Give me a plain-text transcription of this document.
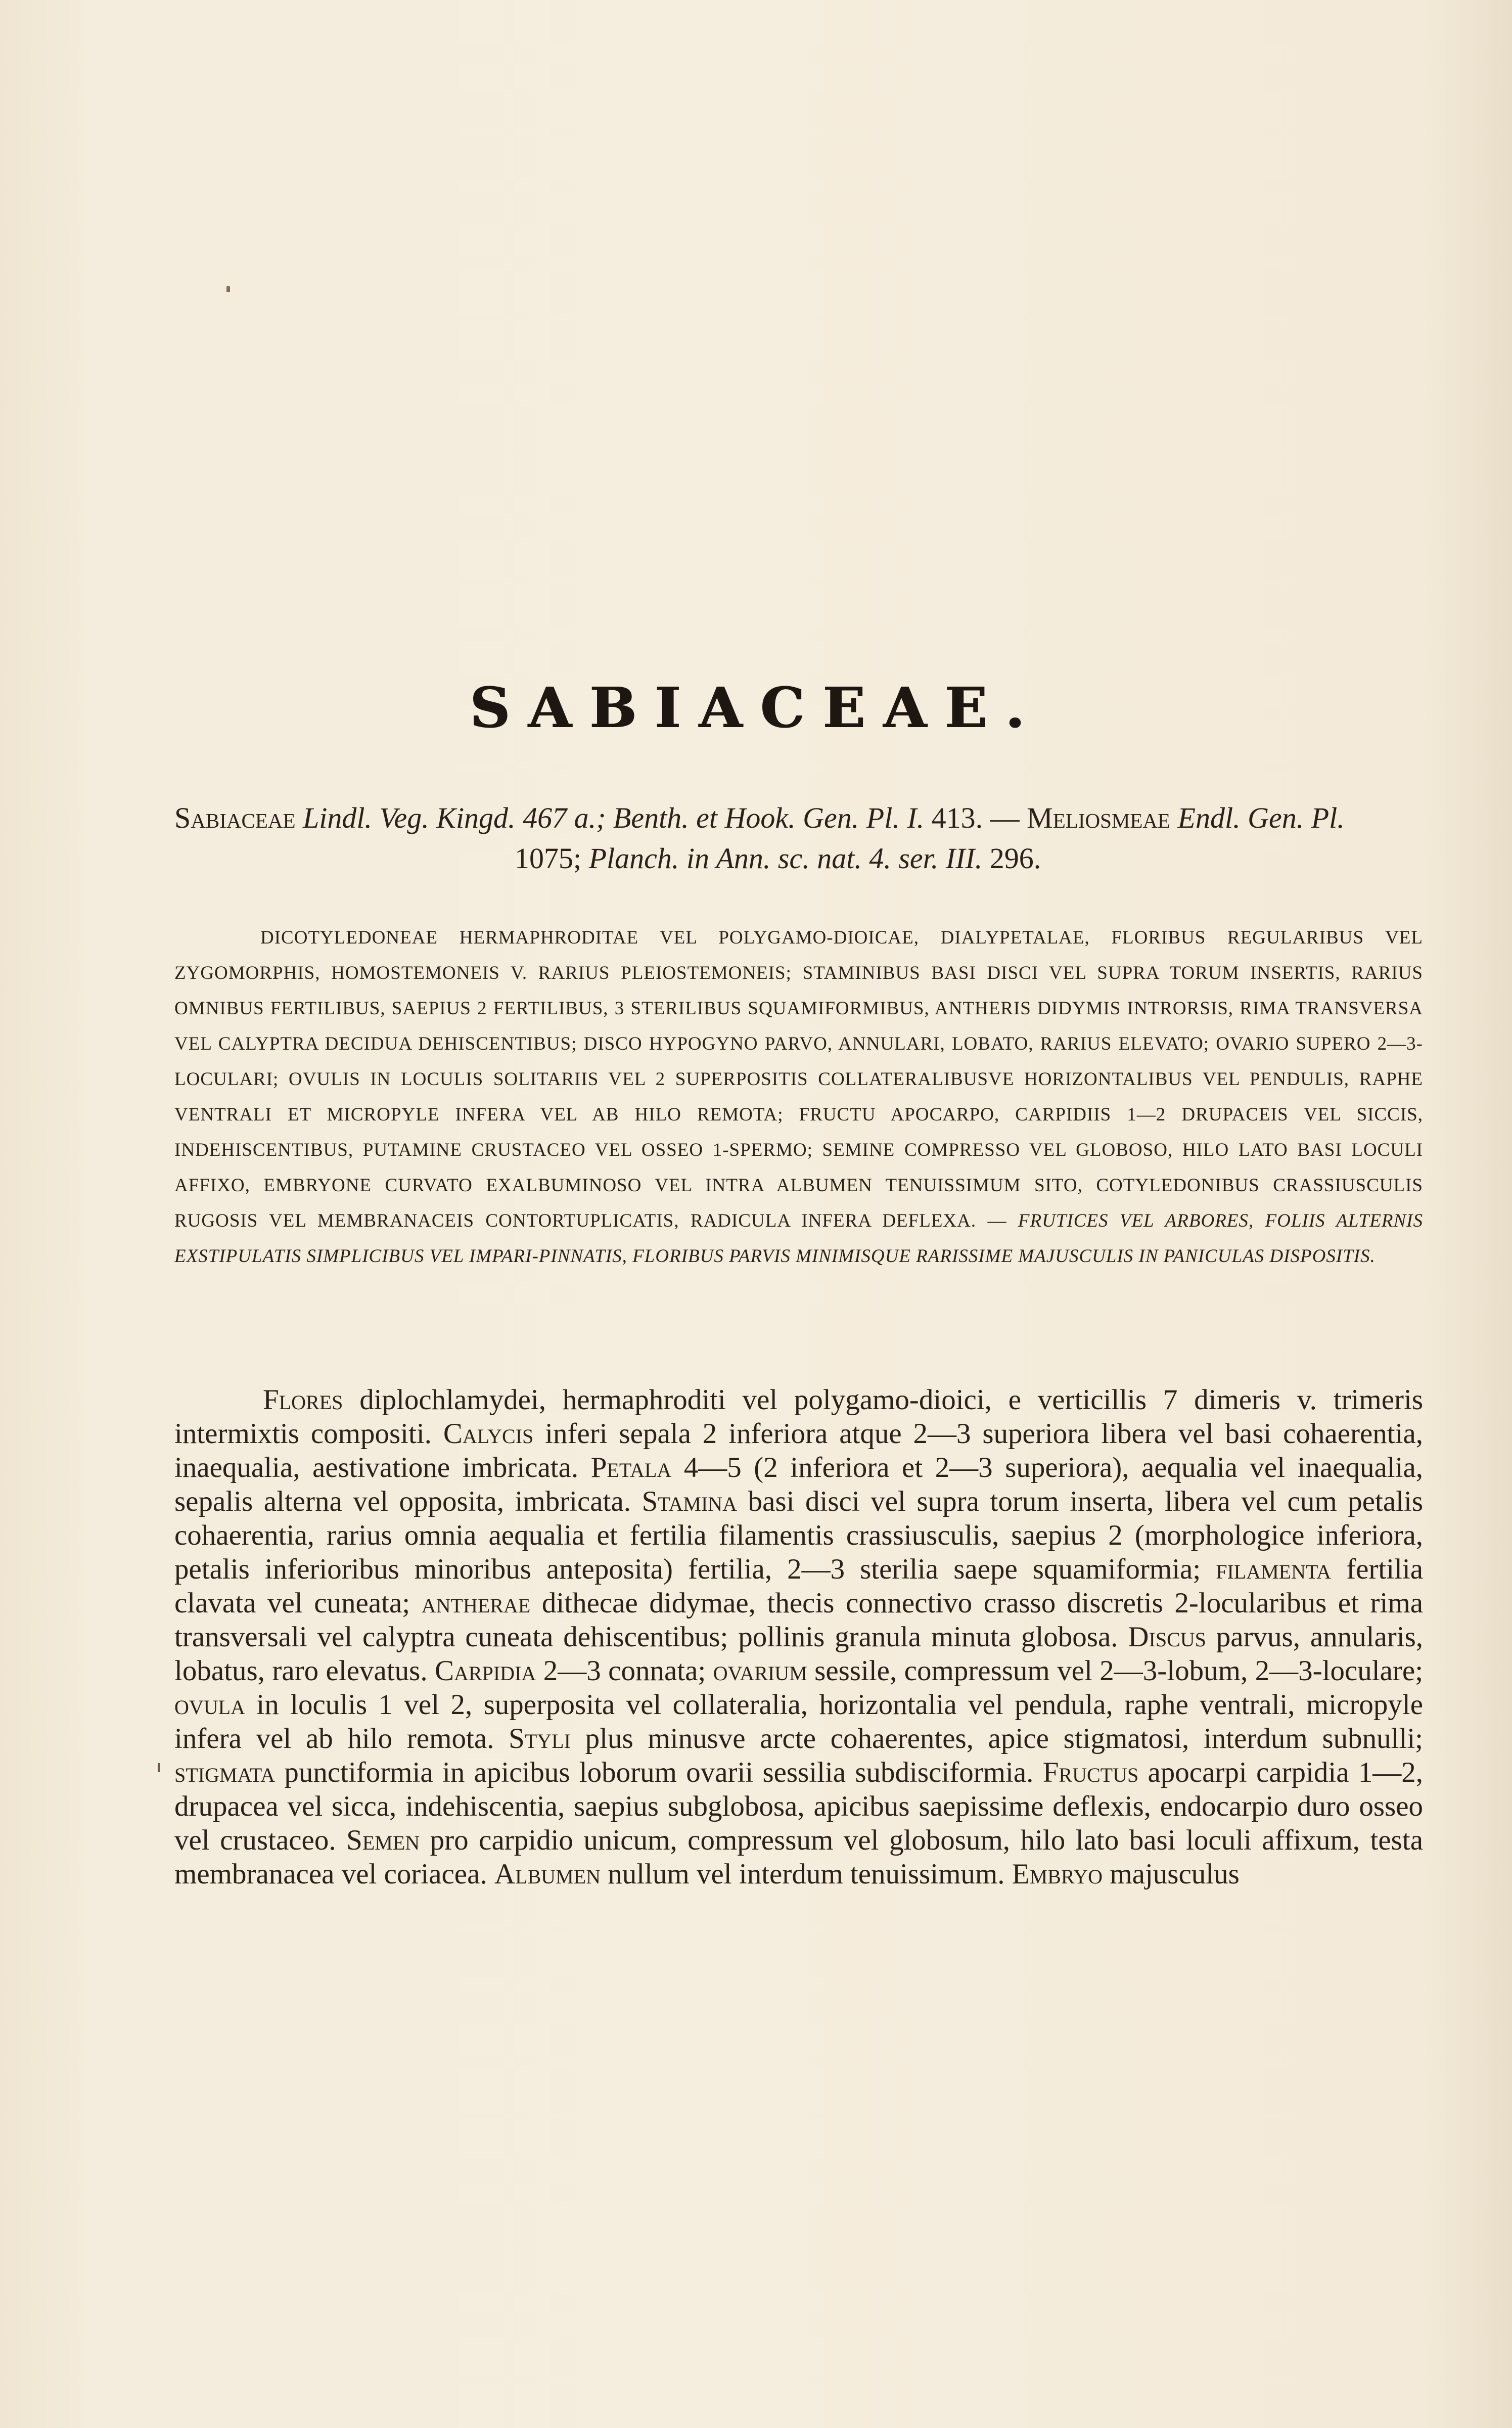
SABIACEAE.
Sabiaceae Lindl. Veg. Kingd. 467 a.; Benth. et Hook. Gen. Pl. I. 413. — Meliosmeae Endl. Gen. Pl.
1075; Planch. in Ann. sc. nat. 4. ser. III. 296.
DICOTYLEDONEAE HERMAPHRODITAE VEL POLYGAMO-DIOICAE, DIALYPETALAE, FLORIBUS REGULARIBUS VEL ZYGOMORPHIS, HOMOSTEMONEIS V. RARIUS PLEIOSTEMONEIS; STAMINIBUS BASI DISCI VEL SUPRA TORUM INSERTIS, RARIUS OMNIBUS FERTILIBUS, SAEPIUS 2 FERTILIBUS, 3 STERILIBUS SQUAMIFORMIBUS, ANTHERIS DIDYMIS INTRORSIS, RIMA TRANSVERSA VEL CALYPTRA DECIDUA DEHISCENTIBUS; DISCO HYPOGYNO PARVO, ANNULARI, LOBATO, RARIUS ELEVATO; OVARIO SUPERO 2—3-LOCULARI; OVULIS IN LOCULIS SOLITARIIS VEL 2 SUPERPOSITIS COLLATERALIBUSVE HORIZONTALIBUS VEL PENDULIS, RAPHE VENTRALI ET MICROPYLE INFERA VEL AB HILO REMOTA; FRUCTU APOCARPO, CARPIDIIS 1—2 DRUPACEIS VEL SICCIS, INDEHISCENTIBUS, PUTAMINE CRUSTACEO VEL OSSEO 1-SPERMO; SEMINE COMPRESSO VEL GLOBOSO, HILO LATO BASI LOCULI AFFIXO, EMBRYONE CURVATO EXALBUMINOSO VEL INTRA ALBUMEN TENUISSIMUM SITO, COTYLEDONIBUS CRASSIUSCULIS RUGOSIS VEL MEMBRANACEIS CONTORTUPLICATIS, RADICULA INFERA DEFLEXA. — FRUTICES VEL ARBORES, FOLIIS ALTERNIS EXSTIPULATIS SIMPLICIBUS VEL IMPARI-PINNATIS, FLORIBUS PARVIS MINIMISQUE RARISSIME MAJUSCULIS IN PANICULAS DISPOSITIS.
Flores diplochlamydei, hermaphroditi vel polygamo-dioici, e verticillis 7 dimeris v. trimeris intermixtis compositi. Calycis inferi sepala 2 inferiora atque 2—3 superiora libera vel basi cohaerentia, inaequalia, aestivatione imbricata. Petala 4—5 (2 inferiora et 2—3 superiora), aequalia vel inaequalia, sepalis alterna vel opposita, imbricata. Stamina basi disci vel supra torum inserta, libera vel cum petalis cohaerentia, rarius omnia aequalia et fertilia filamentis crassiusculis, saepius 2 (morphologice inferiora, petalis inferioribus minoribus anteposita) fertilia, 2—3 sterilia saepe squamiformia; filamenta fertilia clavata vel cuneata; antherae dithecae didymae, thecis connectivo crasso discretis 2-locularibus et rima transversali vel calyptra cuneata dehiscentibus; pollinis granula minuta globosa. Discus parvus, annularis, lobatus, raro elevatus. Carpidia 2—3 connata; ovarium sessile, compressum vel 2—3-lobum, 2—3-loculare; ovula in loculis 1 vel 2, superposita vel collateralia, horizontalia vel pendula, raphe ventrali, micropyle infera vel ab hilo remota. Styli plus minusve arcte cohaerentes, apice stigmatosi, interdum subnulli; stigmata punctiformia in apicibus loborum ovarii sessilia subdisciformia. Fructus apocarpi carpidia 1—2, drupacea vel sicca, indehiscentia, saepius subglobosa, apicibus saepissime deflexis, endocarpio duro osseo vel crustaceo. Semen pro carpidio unicum, compressum vel globosum, hilo lato basi loculi affixum, testa membranacea vel coriacea. Albumen nullum vel interdum tenuissimum. Embryo majusculus
